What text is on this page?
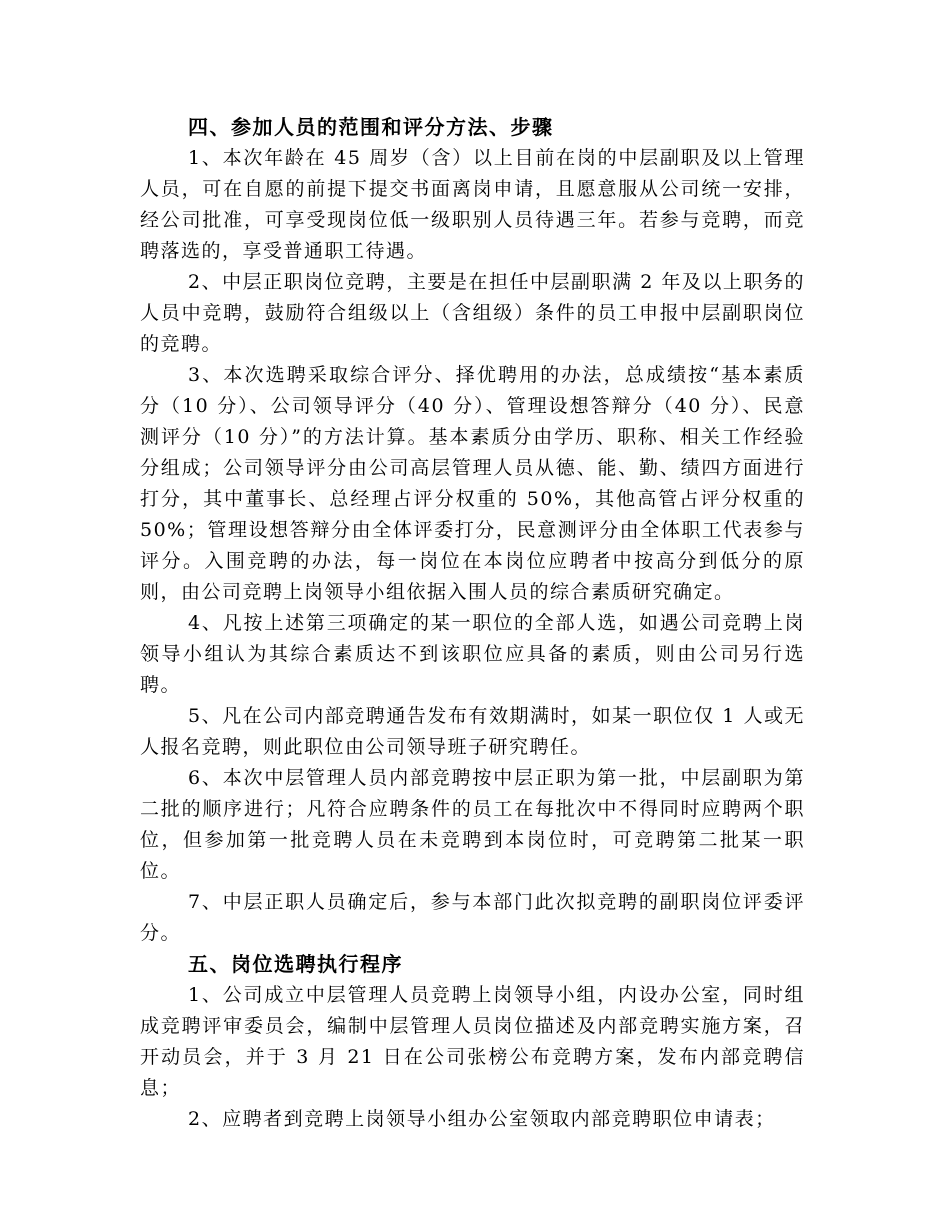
四、参加人员的范围和评分方法、步骤

1、本次年龄在 45 周岁（含）以上目前在岗的中层副职及以上管理人员，可在自愿的前提下提交书面离岗申请，且愿意服从公司统一安排，经公司批准，可享受现岗位低一级职别人员待遇三年。若参与竞聘，而竞聘落选的，享受普通职工待遇。

2、中层正职岗位竞聘，主要是在担任中层副职满 2 年及以上职务的人员中竞聘，鼓励符合组级以上（含组级）条件的员工申报中层副职岗位的竞聘。

3、本次选聘采取综合评分、择优聘用的办法，总成绩按“基本素质分（10 分）、公司领导评分（40 分）、管理设想答辩分（40 分）、民意测评分（10 分）”的方法计算。基本素质分由学历、职称、相关工作经验分组成；公司领导评分由公司高层管理人员从德、能、勤、绩四方面进行打分，其中董事长、总经理占评分权重的 50%，其他高管占评分权重的 50%；管理设想答辩分由全体评委打分，民意测评分由全体职工代表参与评分。入围竞聘的办法，每一岗位在本岗位应聘者中按高分到低分的原则，由公司竞聘上岗领导小组依据入围人员的综合素质研究确定。

4、凡按上述第三项确定的某一职位的全部人选，如遇公司竞聘上岗领导小组认为其综合素质达不到该职位应具备的素质，则由公司另行选聘。

5、凡在公司内部竞聘通告发布有效期满时，如某一职位仅 1 人或无人报名竞聘，则此职位由公司领导班子研究聘任。

6、本次中层管理人员内部竞聘按中层正职为第一批，中层副职为第二批的顺序进行；凡符合应聘条件的员工在每批次中不得同时应聘两个职位，但参加第一批竞聘人员在未竞聘到本岗位时，可竞聘第二批某一职位。

7、中层正职人员确定后，参与本部门此次拟竞聘的副职岗位评委评分。

五、岗位选聘执行程序

1、公司成立中层管理人员竞聘上岗领导小组，内设办公室，同时组成竞聘评审委员会，编制中层管理人员岗位描述及内部竞聘实施方案，召开动员会，并于 3 月 21 日在公司张榜公布竞聘方案，发布内部竞聘信息；

2、应聘者到竞聘上岗领导小组办公室领取内部竞聘职位申请表；
